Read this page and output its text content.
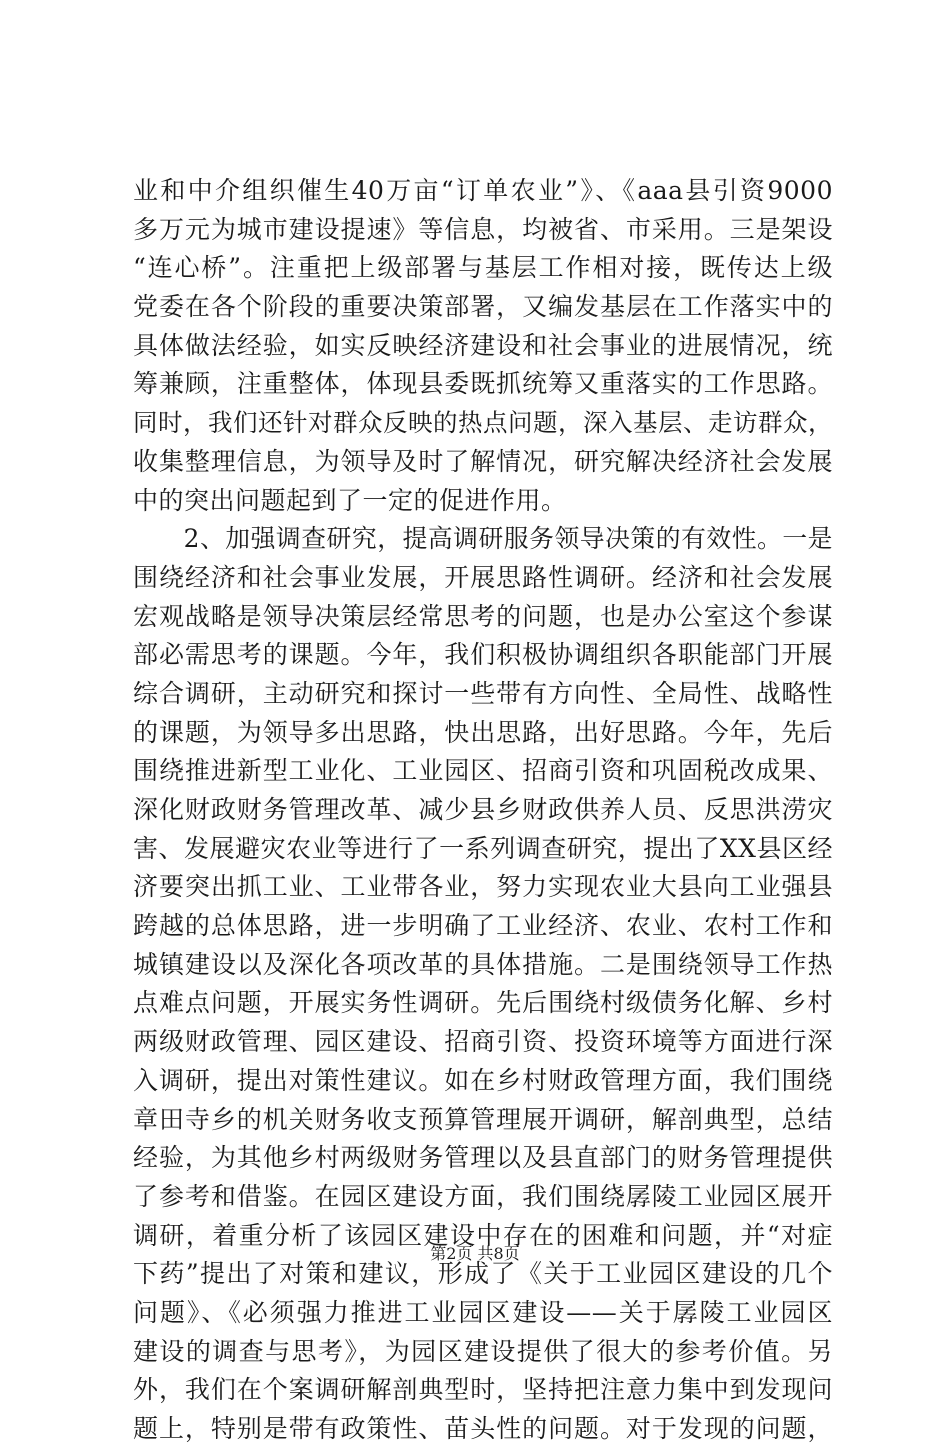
业和中介组织催生40万亩“订单农业”》、《aaa县引资9000
多万元为城市建设提速》等信息，均被省、市采用。三是架设
“连心桥”。注重把上级部署与基层工作相对接，既传达上级
党委在各个阶段的重要决策部署，又编发基层在工作落实中的
具体做法经验，如实反映经济建设和社会事业的进展情况，统
筹兼顾，注重整体，体现县委既抓统筹又重落实的工作思路。
同时，我们还针对群众反映的热点问题，深入基层、走访群众，
收集整理信息，为领导及时了解情况，研究解决经济社会发展
中的突出问题起到了一定的促进作用。
　　2、加强调查研究，提高调研服务领导决策的有效性。一是
围绕经济和社会事业发展，开展思路性调研。经济和社会发展
宏观战略是领导决策层经常思考的问题，也是办公室这个参谋
部必需思考的课题。今年，我们积极协调组织各职能部门开展
综合调研，主动研究和探讨一些带有方向性、全局性、战略性
的课题，为领导多出思路，快出思路，出好思路。今年，先后
围绕推进新型工业化、工业园区、招商引资和巩固税改成果、
深化财政财务管理改革、减少县乡财政供养人员、反思洪涝灾
害、发展避灾农业等进行了一系列调查研究，提出了XX县区经
济要突出抓工业、工业带各业，努力实现农业大县向工业强县
跨越的总体思路，进一步明确了工业经济、农业、农村工作和
城镇建设以及深化各项改革的具体措施。二是围绕领导工作热
点难点问题，开展实务性调研。先后围绕村级债务化解、乡村
两级财政管理、园区建设、招商引资、投资环境等方面进行深
入调研，提出对策性建议。如在乡村财政管理方面，我们围绕
章田寺乡的机关财务收支预算管理展开调研，解剖典型，总结
经验，为其他乡村两级财务管理以及县直部门的财务管理提供
了参考和借鉴。在园区建设方面，我们围绕孱陵工业园区展开
调研，着重分析了该园区建设中存在的困难和问题，并“对症
下药”提出了对策和建议，形成了《关于工业园区建设的几个
问题》、《必须强力推进工业园区建设——关于孱陵工业园区
建设的调查与思考》，为园区建设提供了很大的参考价值。另
外，我们在个案调研解剖典型时，坚持把注意力集中到发现问
题上，特别是带有政策性、苗头性的问题。对于发现的问题，
第2页 共8页
